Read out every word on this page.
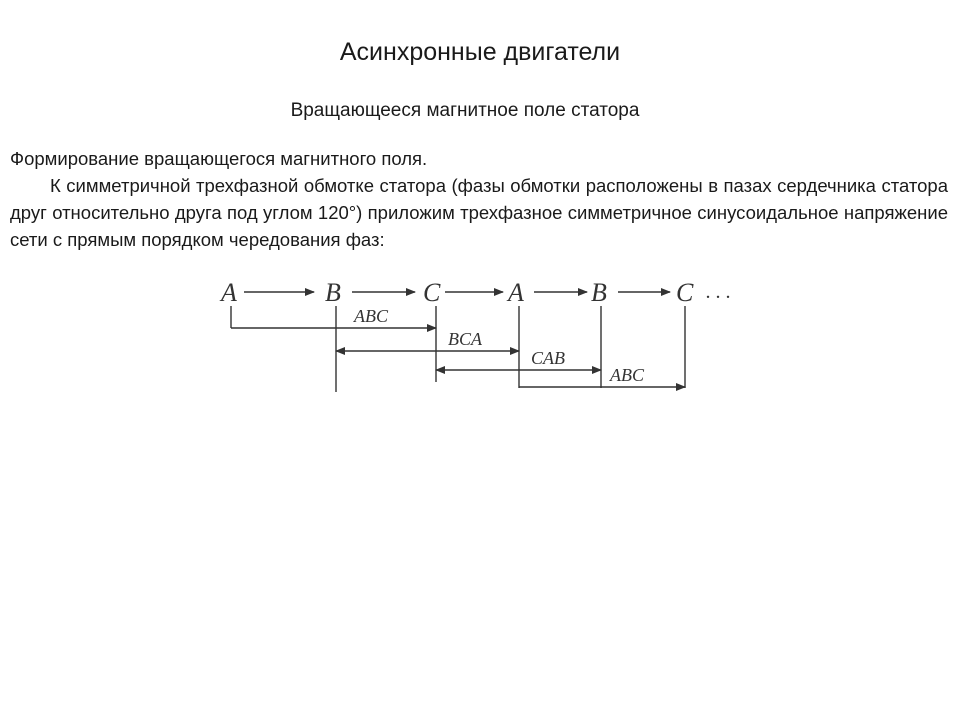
Асинхронные двигатели
Вращающееся магнитное поле статора

Формирование вращающегося магнитного поля.

К симметричной трехфазной обмотке статора (фазы обмотки расположены в пазах сердечника статора друг относительно друга под углом 120°) приложим трехфазное симметричное синусоидальное напряжение сети с прямым порядком чередования фаз:

A	B	C	A	B	C . . .
ABC
BCA
CAB
ABC
